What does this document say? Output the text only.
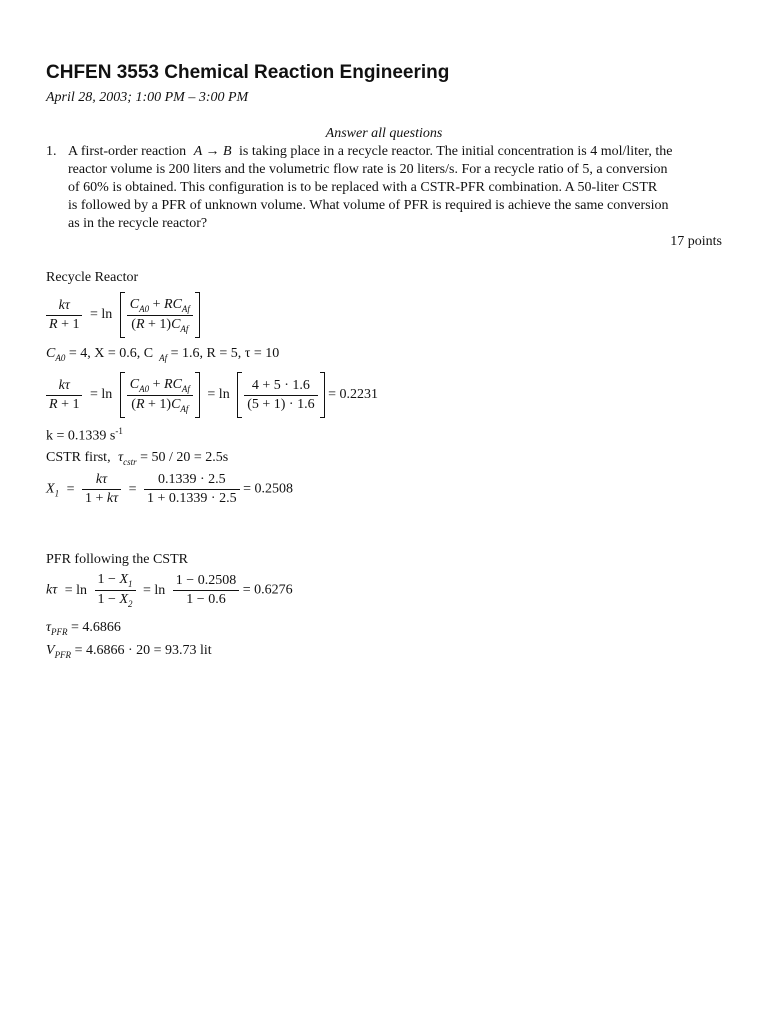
CHFEN 3553 Chemical Reaction Engineering
April 28, 2003; 1:00 PM – 3:00 PM
Answer all questions
1. A first-order reaction A → B is taking place in a recycle reactor. The initial concentration is 4 mol/liter, the
reactor volume is 200 liters and the volumetric flow rate is 20 liters/s. For a recycle ratio of 5, a conversion
of 60% is obtained. This configuration is to be replaced with a CSTR-PFR combination. A 50-liter CSTR
is followed by a PFR of unknown volume. What volume of PFR is required is achieve the same conversion
as in the recycle reactor?
17 points
Recycle Reactor
$\frac{k\tau}{R + 1} = \ln \frac{C_{A0} + RC_{Af}}{(R + 1)C_{Af}}$
$C_{A0} = 4$, X = 0.6, C $_{Af}$ = 1.6, R = 5, τ = 10
$\frac{k\tau}{R + 1} = \ln \frac{C_{A0} + RC_{Af}}{(R + 1)C_{Af}} = \ln \frac{4 + 5 \cdot 1.6}{(5 + 1) \cdot 1.6} = 0.2231$
k = 0.1339 $s^{-1}$
CSTR first, $\tau_{cstr} = 50 / 20 = 2.5s$
$X_1 = \frac{k\tau}{1 + k\tau} = \frac{0.1339 \cdot 2.5}{1 + 0.1339 \cdot 2.5} = 0.2508$
PFR following the CSTR
$k\tau = \ln \frac{1 - X_1}{1 - X_2} = \ln \frac{1 - 0.2508}{1 - 0.6} = 0.6276$
$\tau_{PFR} = 4.6866$
$V_{PFR} = 4.6866 \cdot 20 = 93.73$ lit
